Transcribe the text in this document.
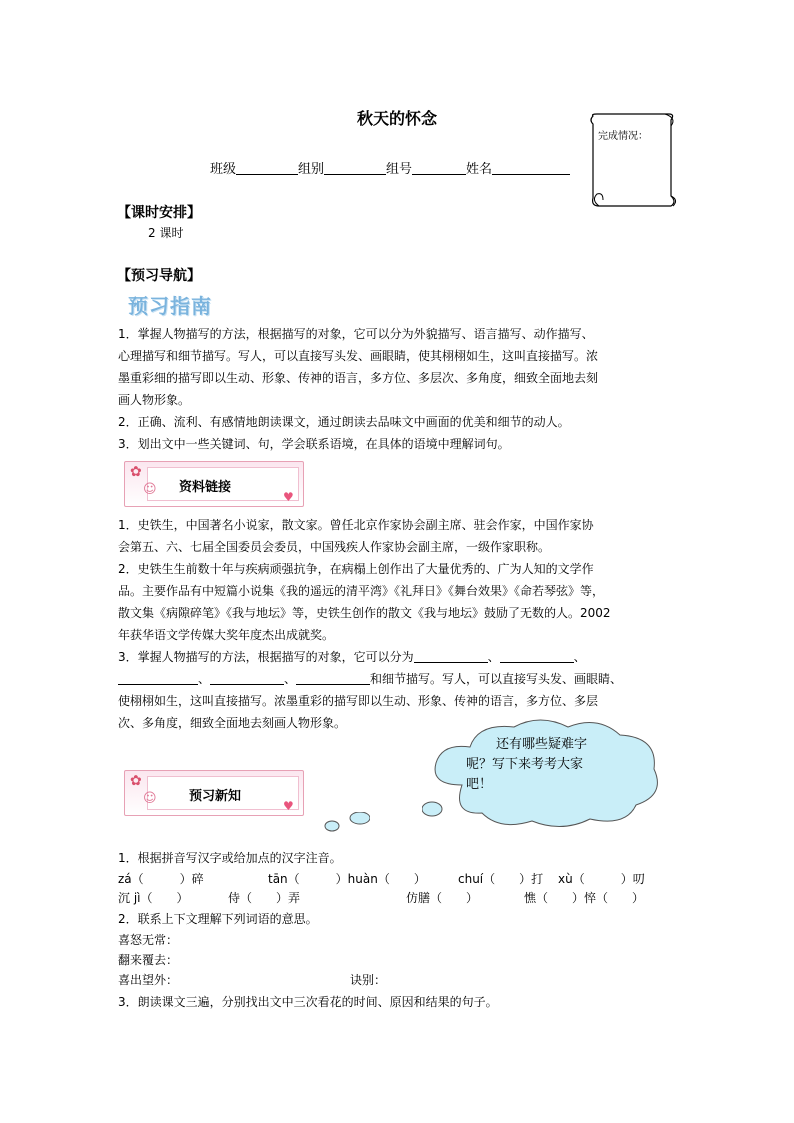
秋天的怀念
完成情况：
班级	组别	组号	姓名
【课时安排】
2 课时
【预习导航】
预习指南
1．掌握人物描写的方法，根据描写的对象，它可以分为外貌描写、语言描写、动作描写、
心理描写和细节描写。写人，可以直接写头发、画眼睛，使其栩栩如生，这叫直接描写。浓
墨重彩细的描写即以生动、形象、传神的语言，多方位、多层次、多角度，细致全面地去刻
画人物形象。
2．正确、流利、有感情地朗读课文，通过朗读去品味文中画面的优美和细节的动人。
3．划出文中一些关键词、句，学会联系语境，在具体的语境中理解词句。
资料链接
♥
✿
☺
1．史铁生，中国著名小说家，散文家。曾任北京作家协会副主席、驻会作家，中国作家协
会第五、六、七届全国委员会委员，中国残疾人作家协会副主席，一级作家职称。
2．史铁生生前数十年与疾病顽强抗争，在病榻上创作出了大量优秀的、广为人知的文学作
品。主要作品有中短篇小说集《我的遥远的清平湾》《礼拜日》《舞台效果》《命若琴弦》等，
散文集《病隙碎笔》《我与地坛》等，史铁生创作的散文《我与地坛》鼓励了无数的人。2002
年获华语文学传媒大奖年度杰出成就奖。
3．掌握人物描写的方法，根据描写的对象，它可以分为	、	、
、	、	和细节描写。写人，可以直接写头发、画眼睛、
使栩栩如生，这叫直接描写。浓墨重彩的描写即以生动、形象、传神的语言，多方位、多层
次、多角度，细致全面地去刻画人物形象。
还有哪些疑难字
呢？写下来考考大家
吧！
预习新知
♥
✿
☺
1．根据拼音写汉字或给加点的汉字注音。
zá（　　　）碎	tān（　　　）huàn（　　）	chuí（　　）打 xù（　　　）叨
沉 jì（　　）	侍（　　）弄	仿膳（　　）	憔（　　）悴（　　）
2．联系上下文理解下列词语的意思。
喜怒无常：
翻来覆去：
喜出望外：	诀别：
3．朗读课文三遍，分别找出文中三次看花的时间、原因和结果的句子。
